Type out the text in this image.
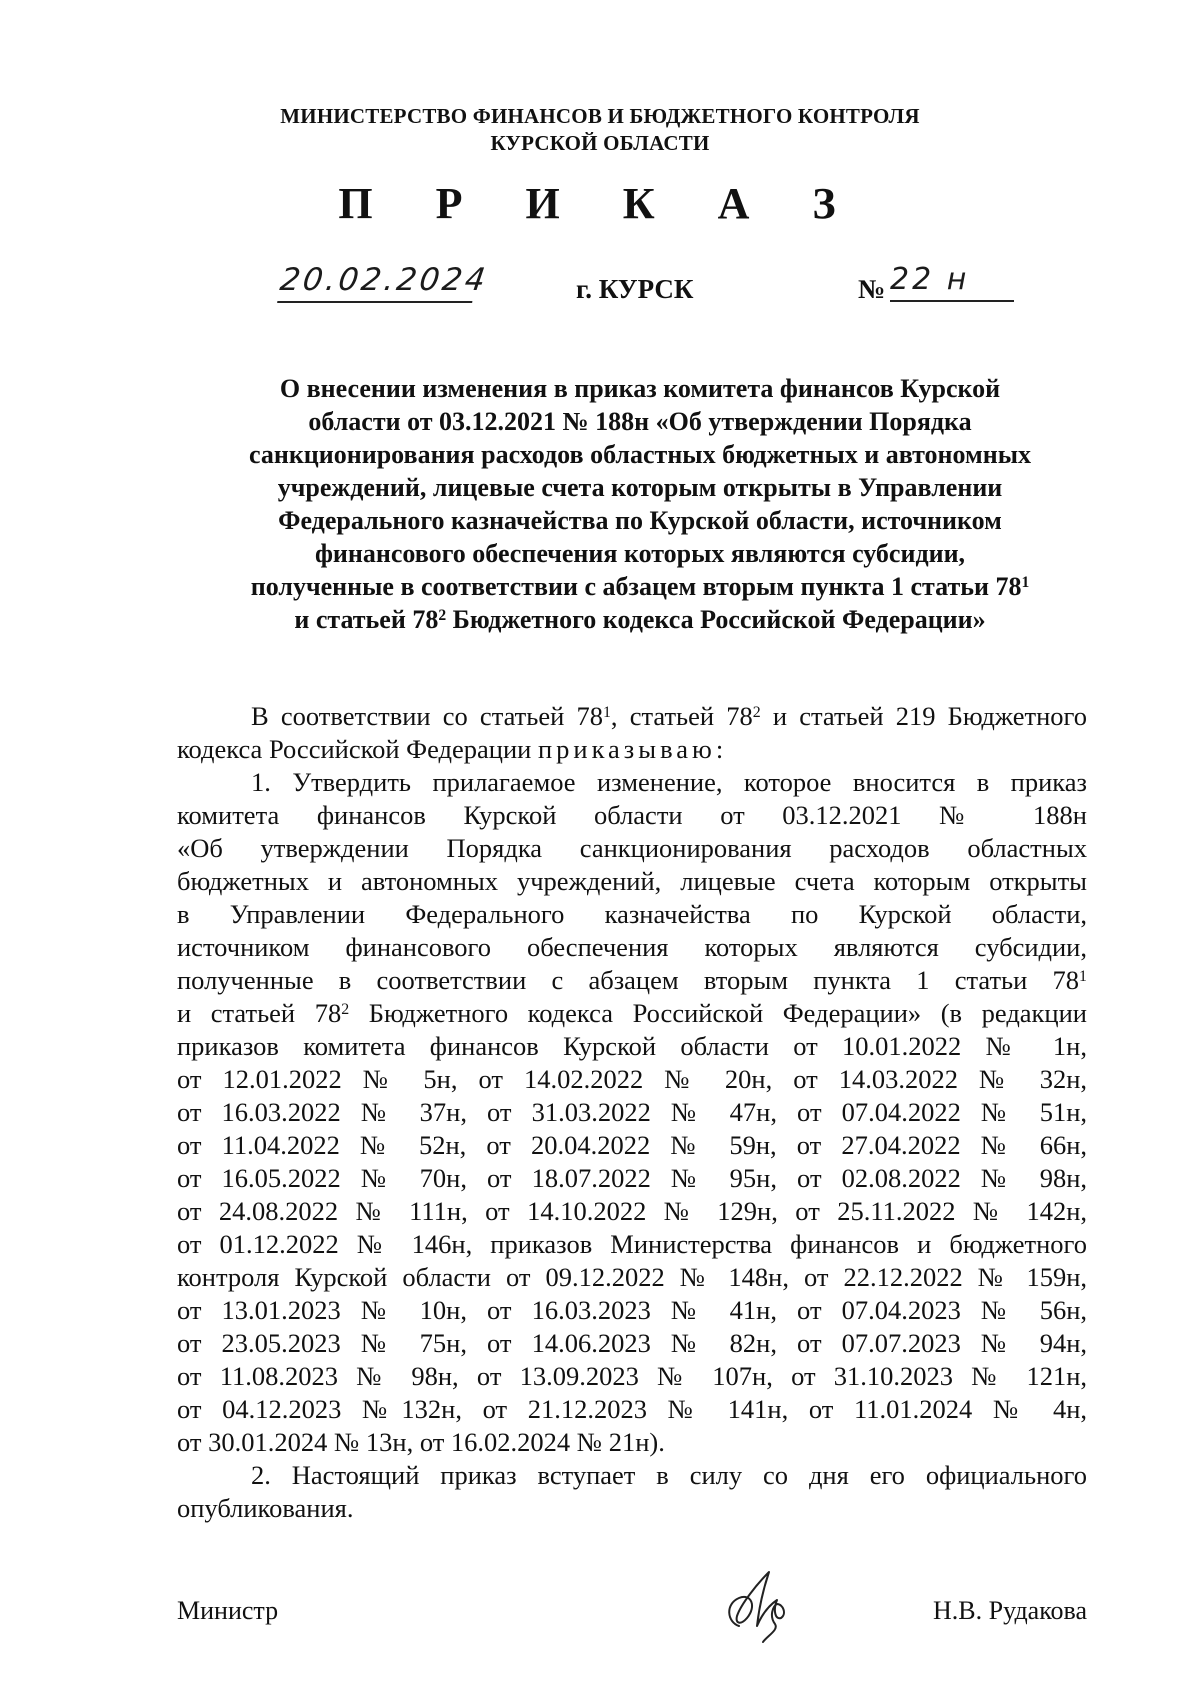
МИНИСТЕРСТВО ФИНАНСОВ И БЮДЖЕТНОГО КОНТРОЛЯ
КУРСКОЙ ОБЛАСТИ
П Р И К А З
20.02.2024	г. КУРСК	№ 22 н
О внесении изменения в приказ комитета финансов Курской
области от 03.12.2021 № 188н «Об утверждении Порядка
санкционирования расходов областных бюджетных и автономных
учреждений, лицевые счета которым открыты в Управлении
Федерального казначейства по Курской области, источником
финансового обеспечения которых являются субсидии,
полученные в соответствии с абзацем вторым пункта 1 статьи $78^1$
и статьей $78^2$ Бюджетного кодекса Российской Федерации»
В соответствии со статьей $78^1$, статьей $78^2$ и статьей 219 Бюджетного
кодекса Российской Федерации приказываю:
1. Утвердить прилагаемое изменение, которое вносится в приказ
комитета финансов Курской области от 03.12.2021 № 188н
«Об утверждении Порядка санкционирования расходов областных
бюджетных и автономных учреждений, лицевые счета которым открыты
в Управлении Федерального казначейства по Курской области,
источником финансового обеспечения которых являются субсидии,
полученные в соответствии с абзацем вторым пункта 1 статьи $78^1$
и статьей $78^2$ Бюджетного кодекса Российской Федерации» (в редакции
приказов комитета финансов Курской области от 10.01.2022 № 1н,
от 12.01.2022 № 5н, от 14.02.2022 № 20н, от 14.03.2022 № 32н,
от 16.03.2022 № 37н, от 31.03.2022 № 47н, от 07.04.2022 № 51н,
от 11.04.2022 № 52н, от 20.04.2022 № 59н, от 27.04.2022 № 66н,
от 16.05.2022 № 70н, от 18.07.2022 № 95н, от 02.08.2022 № 98н,
от 24.08.2022 № 111н, от 14.10.2022 № 129н, от 25.11.2022 № 142н,
от 01.12.2022 № 146н, приказов Министерства финансов и бюджетного
контроля Курской области от 09.12.2022 № 148н, от 22.12.2022 № 159н,
от 13.01.2023 № 10н, от 16.03.2023 № 41н, от 07.04.2023 № 56н,
от 23.05.2023 № 75н, от 14.06.2023 № 82н, от 07.07.2023 № 94н,
от 11.08.2023 № 98н, от 13.09.2023 № 107н, от 31.10.2023 № 121н,
от 04.12.2023 №132н, от 21.12.2023 № 141н, от 11.01.2024 № 4н,
от 30.01.2024 № 13н, от 16.02.2024 № 21н).
2. Настоящий приказ вступает в силу со дня его официального
опубликования.
Министр	Н.В. Рудакова
